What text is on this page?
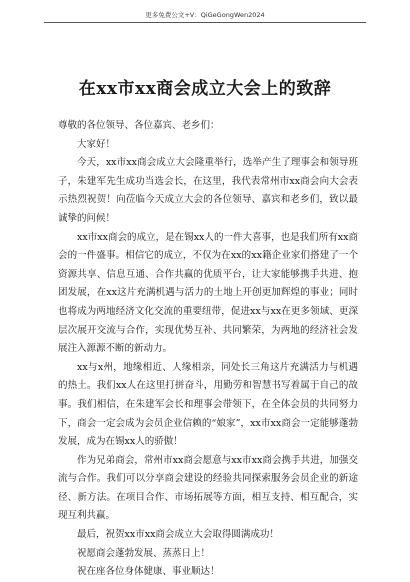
更多免费公文+V：QiGeGongWen2024
在xx市xx商会成立大会上的致辞

尊敬的各位领导、各位嘉宾、老乡们：

大家好！

今天，xx市xx商会成立大会隆重举行，选举产生了理事会和领导班子，朱建军先生成功当选会长，在这里，我代表常州市xx商会向大会表示热烈祝贺！向莅临今天成立大会的各位领导、嘉宾和老乡们，致以最诚挚的问候！

xx市xx商会的成立，是在锡xx人的一件大喜事，也是我们所有xx商会的一件盛事。相信它的成立，不仅为在xx的xx籍企业家们搭建了一个资源共享、信息互通、合作共赢的优质平台，让大家能够携手共进、抱团发展，在xx这片充满机遇与活力的土地上开创更加辉煌的事业；同时也将成为两地经济文化交流的重要纽带，促进xx与xx在更多领域、更深层次展开交流与合作，实现优势互补、共同繁荣，为两地的经济社会发展注入源源不断的新动力。

xx与x州，地缘相近、人缘相亲，同处长三角这片充满活力与机遇的热土。我们xx人在这里打拼奋斗，用勤劳和智慧书写着属于自己的故事。我们相信，在朱建军会长和理事会带领下，在全体会员的共同努力下，商会一定会成为会员企业信赖的“娘家”，xx市xx商会一定能够蓬勃发展，成为在锡xx人的骄傲！

作为兄弟商会，常州市xx商会愿意与xx市xx商会携手共进，加强交流与合作。我们可以分享商会建设的经验共同探索服务会员企业的新途径、新方法。在项目合作、市场拓展等方面，相互支持、相互配合，实现互利共赢。

最后，祝贺xx市xx商会成立大会取得圆满成功！

祝愿商会蓬勃发展、蒸蒸日上！

祝在座各位身体健康、事业顺达！
